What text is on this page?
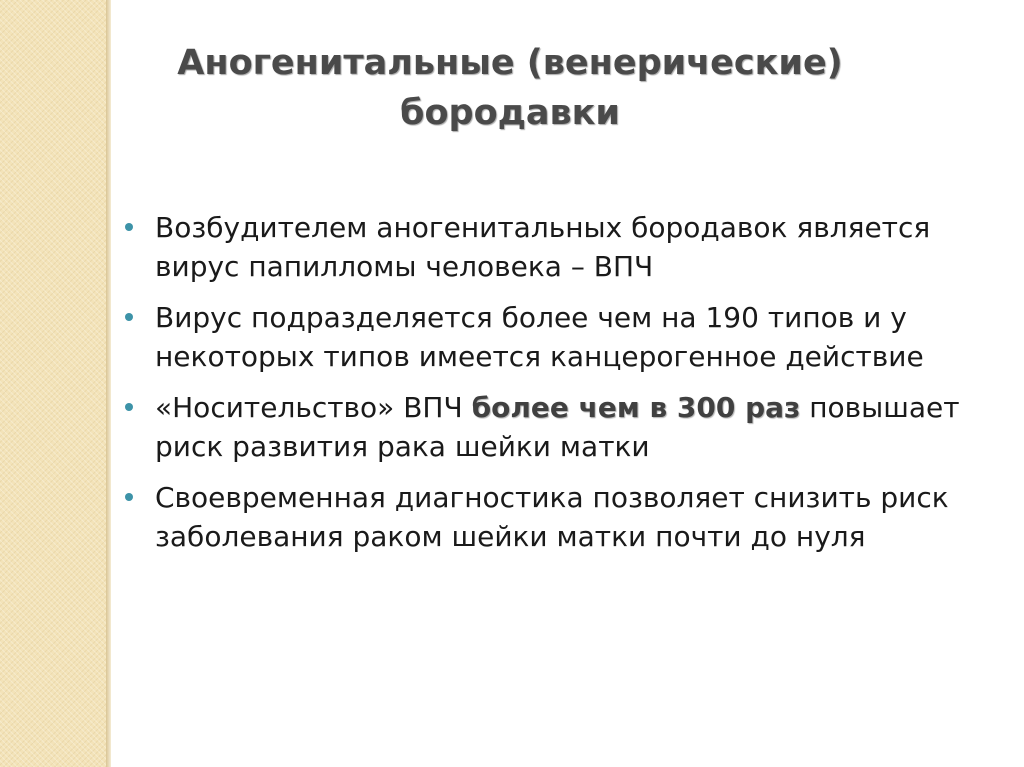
Аногенитальные (венерические)
бородавки
Возбудителем аногенитальных бородавок является вирус папилломы человека – ВПЧ
Вирус подразделяется более чем на 190 типов и у некоторых типов имеется канцерогенное действие
«Носительство» ВПЧ более чем в 300 раз повышает риск развития рака шейки матки
Своевременная диагностика позволяет снизить риск заболевания раком шейки матки почти до нуля
